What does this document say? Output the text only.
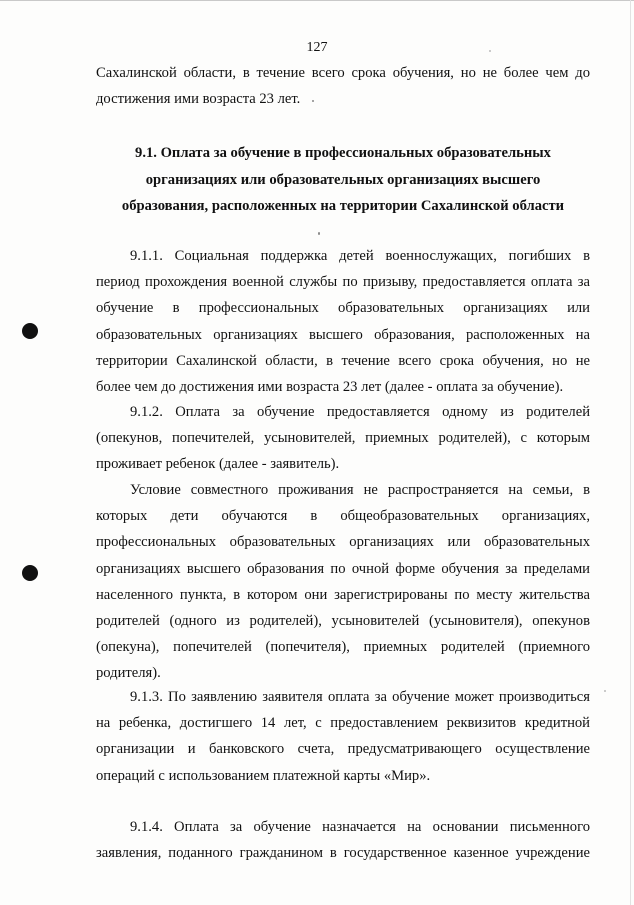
127
Сахалинской области, в течение всего срока обучения, но не более чем до
достижения ими возраста 23 лет.
9.1. Оплата за обучение в профессиональных образовательных
организациях или образовательных организациях высшего
образования, расположенных на территории Сахалинской области
9.1.1. Социальная поддержка детей военнослужащих, погибших в
период прохождения военной службы по призыву, предоставляется оплата за
обучение в профессиональных образовательных организациях или
образовательных организациях высшего образования, расположенных на
территории Сахалинской области, в течение всего срока обучения, но не
более чем до достижения ими возраста 23 лет (далее - оплата за обучение).
9.1.2. Оплата за обучение предоставляется одному из родителей
(опекунов, попечителей, усыновителей, приемных родителей), с которым
проживает ребенок (далее - заявитель).
Условие совместного проживания не распространяется на семьи, в
которых дети обучаются в общеобразовательных организациях,
профессиональных образовательных организациях или образовательных
организациях высшего образования по очной форме обучения за пределами
населенного пункта, в котором они зарегистрированы по месту жительства
родителей (одного из родителей), усыновителей (усыновителя), опекунов
(опекуна), попечителей (попечителя), приемных родителей (приемного
родителя).
9.1.3. По заявлению заявителя оплата за обучение может производиться
на ребенка, достигшего 14 лет, с предоставлением реквизитов кредитной
организации и банковского счета, предусматривающего осуществление
операций с использованием платежной карты «Мир».
9.1.4. Оплата за обучение назначается на основании письменного
заявления, поданного гражданином в государственное казенное учреждение
